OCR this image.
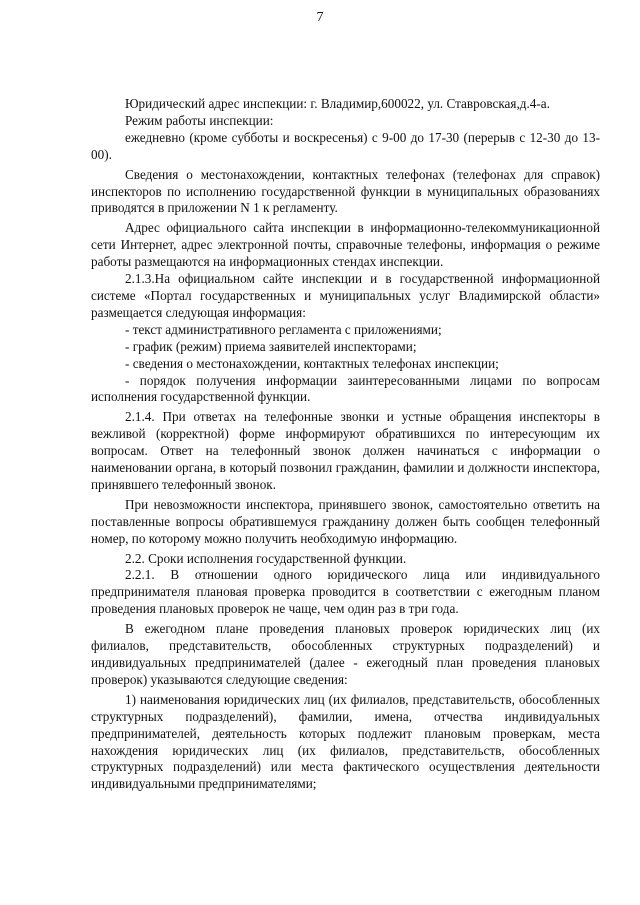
7

Юридический адрес инспекции: г. Владимир,600022, ул. Ставровская,д.4-а.

Режим работы инспекции:

ежедневно (кроме субботы и воскресенья) с 9-00 до 17-30 (перерыв с 12-30 до 13-00).

Сведения о местонахождении, контактных телефонах (телефонах для справок) инспекторов по исполнению государственной функции в муниципальных образованиях приводятся в приложении N 1 к регламенту.

Адрес официального сайта инспекции в информационно-телекоммуникационной сети Интернет, адрес электронной почты, справочные телефоны, информация о режиме работы размещаются на информационных стендах инспекции.

2.1.3.На официальном сайте инспекции и в государственной информационной системе «Портал государственных и муниципальных услуг Владимирской области» размещается следующая информация:

- текст административного регламента с приложениями;

- график (режим) приема заявителей инспекторами;

- сведения о местонахождении, контактных телефонах инспекции;

- порядок получения информации заинтересованными лицами по вопросам исполнения государственной функции.

2.1.4. При ответах на телефонные звонки и устные обращения инспекторы в вежливой (корректной) форме информируют обратившихся по интересующим их вопросам. Ответ на телефонный звонок должен начинаться с информации о наименовании органа, в который позвонил гражданин, фамилии и должности инспектора, принявшего телефонный звонок.

При невозможности инспектора, принявшего звонок, самостоятельно ответить на поставленные вопросы обратившемуся гражданину должен быть сообщен телефонный номер, по которому можно получить необходимую информацию.

2.2. Сроки исполнения государственной функции.

2.2.1. В отношении одного юридического лица или индивидуального предпринимателя плановая проверка проводится в соответствии с ежегодным планом проведения плановых проверок не чаще, чем один раз в три года.

В ежегодном плане проведения плановых проверок юридических лиц (их филиалов, представительств, обособленных структурных подразделений) и индивидуальных предпринимателей (далее - ежегодный план проведения плановых проверок) указываются следующие сведения:

1) наименования юридических лиц (их филиалов, представительств, обособленных структурных подразделений), фамилии, имена, отчества индивидуальных предпринимателей, деятельность которых подлежит плановым проверкам, места нахождения юридических лиц (их филиалов, представительств, обособленных структурных подразделений) или места фактического осуществления деятельности индивидуальными предпринимателями;
